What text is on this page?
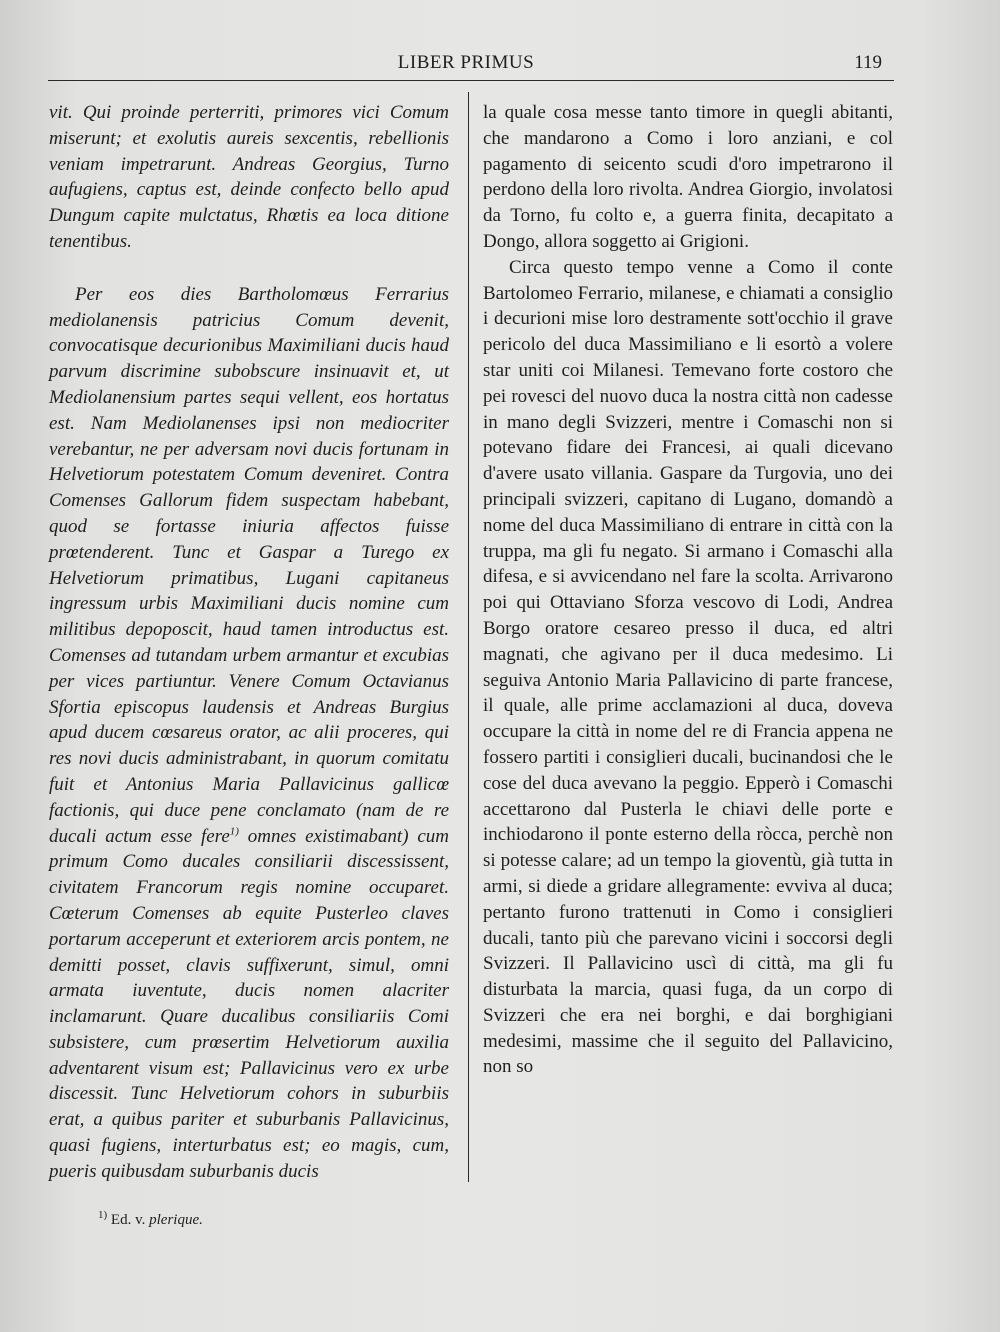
LIBER PRIMUS	119

vit. Qui proinde perterriti, primores vici Comum miserunt; et exolutis aureis sexcentis, rebellionis veniam impetrarunt. Andreas Georgius, Turno aufugiens, captus est, deinde confecto bello apud Dungum capite mulctatus, Rhœtis ea loca ditione tenentibus.

Per eos dies Bartholomœus Ferrarius mediolanensis patricius Comum devenit, convocatisque decurionibus Maximiliani ducis haud parvum discrimine subobscure insinuavit et, ut Mediolanensium partes sequi vellent, eos hortatus est. Nam Mediolanenses ipsi non mediocriter verebantur, ne per adversam novi ducis fortunam in Helvetiorum potestatem Comum deveniret. Contra Comenses Gallorum fidem suspectam habebant, quod se fortasse iniuria affectos fuisse prœtenderent. Tunc et Gaspar a Turego ex Helvetiorum primatibus, Lugani capitaneus ingressum urbis Maximiliani ducis nomine cum militibus depoposcit, haud tamen introductus est. Comenses ad tutandam urbem armantur et excubias per vices partiuntur. Venere Comum Octavianus Sfortia episcopus laudensis et Andreas Burgius apud ducem cœsareus orator, ac alii proceres, qui res novi ducis administrabant, in quorum comitatu fuit et Antonius Maria Pallavicinus gallicœ factionis, qui duce pene conclamato (nam de re ducali actum esse fere$^{1)}$ omnes existimabant) cum primum Como ducales consiliarii discessissent, civitatem Francorum regis nomine occuparet. Cœterum Comenses ab equite Pusterleo claves portarum acceperunt et exteriorem arcis pontem, ne demitti posset, clavis suffixerunt, simul, omni armata iuventute, ducis nomen alacriter inclamarunt. Quare ducalibus consiliariis Comi subsistere, cum prœsertim Helvetiorum auxilia adventarent visum est; Pallavicinus vero ex urbe discessit. Tunc Helvetiorum cohors in suburbiis erat, a quibus pariter et suburbanis Pallavicinus, quasi fugiens, interturbatus est; eo magis, cum, pueris quibusdam suburbanis ducis

la quale cosa messe tanto timore in quegli abitanti, che mandarono a Como i loro anziani, e col pagamento di seicento scudi d'oro impetrarono il perdono della loro rivolta. Andrea Giorgio, involatosi da Torno, fu colto e, a guerra finita, decapitato a Dongo, allora soggetto ai Grigioni.

Circa questo tempo venne a Como il conte Bartolomeo Ferrario, milanese, e chiamati a consiglio i decurioni mise loro destramente sott'occhio il grave pericolo del duca Massimiliano e li esortò a volere star uniti coi Milanesi. Temevano forte costoro che pei rovesci del nuovo duca la nostra città non cadesse in mano degli Svizzeri, mentre i Comaschi non si potevano fidare dei Francesi, ai quali dicevano d'avere usato villania. Gaspare da Turgovia, uno dei principali svizzeri, capitano di Lugano, domandò a nome del duca Massimiliano di entrare in città con la truppa, ma gli fu negato. Si armano i Comaschi alla difesa, e si avvicendano nel fare la scolta. Arrivarono poi qui Ottaviano Sforza vescovo di Lodi, Andrea Borgo oratore cesareo presso il duca, ed altri magnati, che agivano per il duca medesimo. Li seguiva Antonio Maria Pallavicino di parte francese, il quale, alle prime acclamazioni al duca, doveva occupare la città in nome del re di Francia appena ne fossero partiti i consiglieri ducali, bucinandosi che le cose del duca avevano la peggio. Epperò i Comaschi accettarono dal Pusterla le chiavi delle porte e inchiodarono il ponte esterno della ròcca, perchè non si potesse calare; ad un tempo la gioventù, già tutta in armi, si diede a gridare allegramente: evviva al duca; pertanto furono trattenuti in Como i consiglieri ducali, tanto più che parevano vicini i soccorsi degli Svizzeri. Il Pallavicino uscì di città, ma gli fu disturbata la marcia, quasi fuga, da un corpo di Svizzeri che era nei borghi, e dai borghigiani medesimi, massime che il seguito del Pallavicino, non so

$^{1)}$ Ed. v. plerique.
